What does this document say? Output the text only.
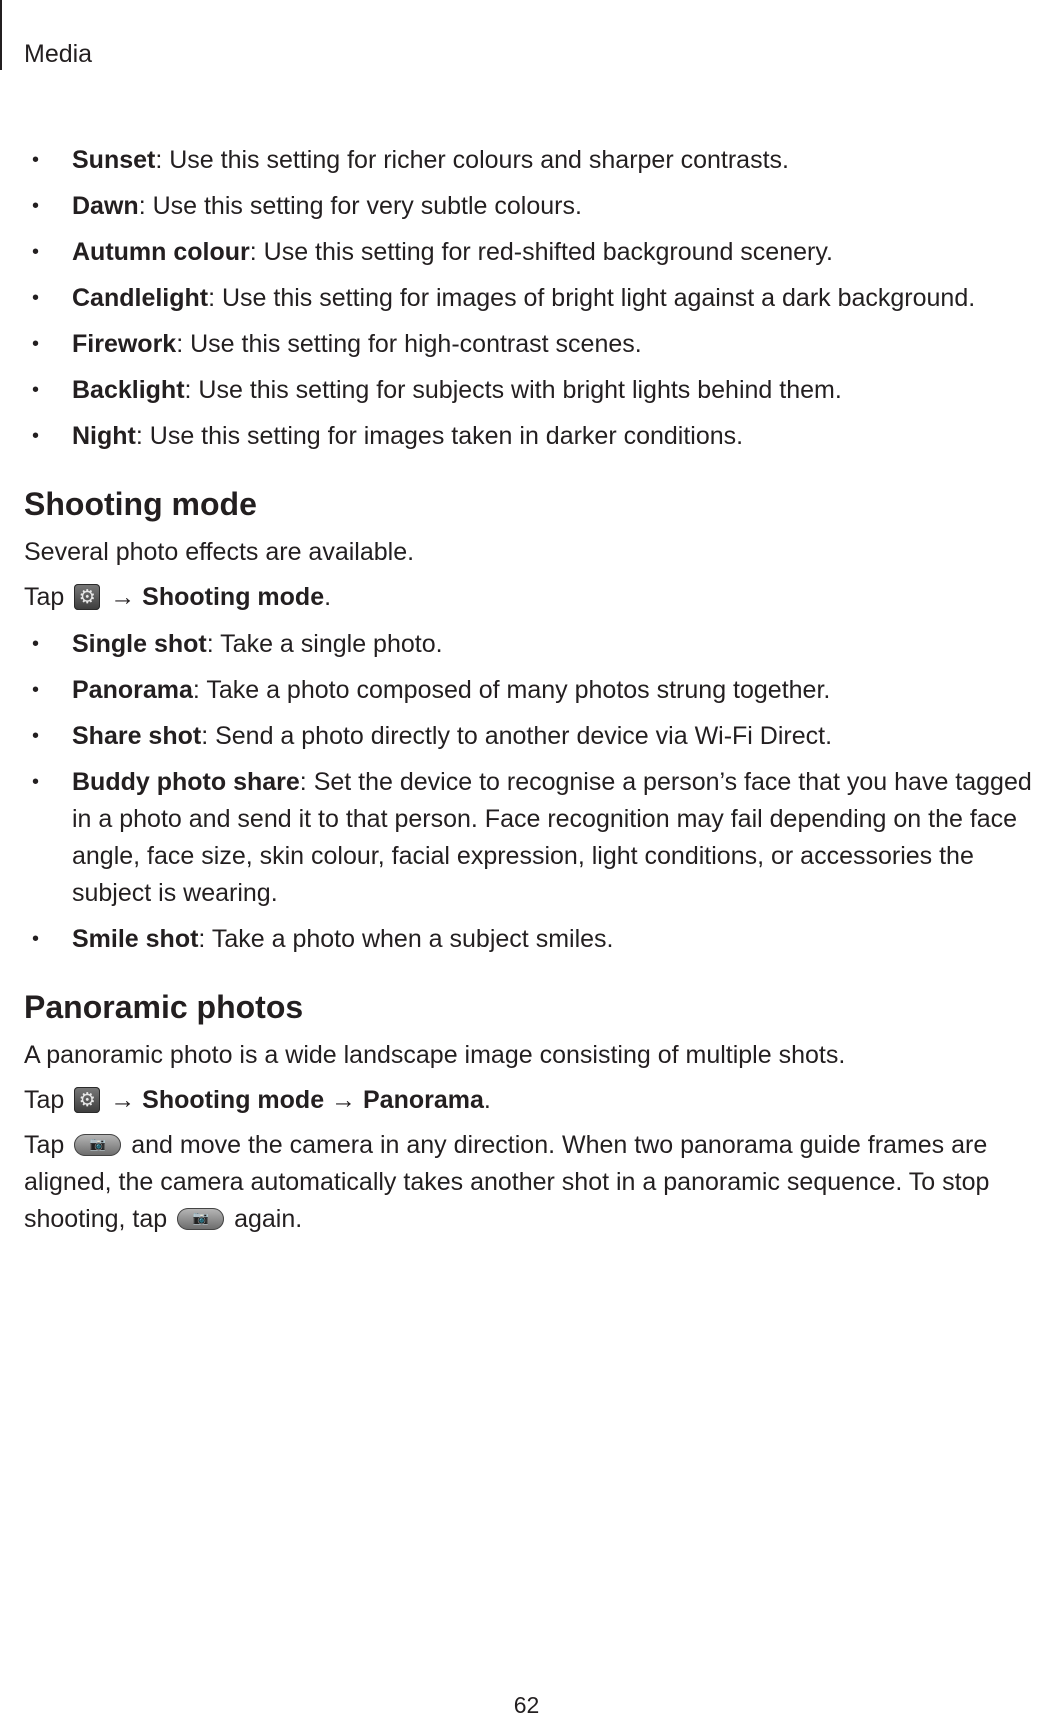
Media
• Sunset: Use this setting for richer colours and sharper contrasts.
• Dawn: Use this setting for very subtle colours.
• Autumn colour: Use this setting for red-shifted background scenery.
• Candlelight: Use this setting for images of bright light against a dark background.
• Firework: Use this setting for high-contrast scenes.
• Backlight: Use this setting for subjects with bright lights behind them.
• Night: Use this setting for images taken in darker conditions.
Shooting mode

Several photo effects are available.

Tap ⚙ → Shooting mode.

• Single shot: Take a single photo.
• Panorama: Take a photo composed of many photos strung together.
• Share shot: Send a photo directly to another device via Wi-Fi Direct.
• Buddy photo share: Set the device to recognise a person’s face that you have tagged in a photo and send it to that person. Face recognition may fail depending on the face angle, face size, skin colour, facial expression, light conditions, or accessories the subject is wearing.
• Smile shot: Take a photo when a subject smiles.
Panoramic photos

A panoramic photo is a wide landscape image consisting of multiple shots.

Tap ⚙ → Shooting mode → Panorama.

Tap	📷	and move the camera in any direction. When two panorama guide frames are aligned, the camera automatically takes another shot in a panoramic sequence. To stop shooting, tap	📷	again.

62
